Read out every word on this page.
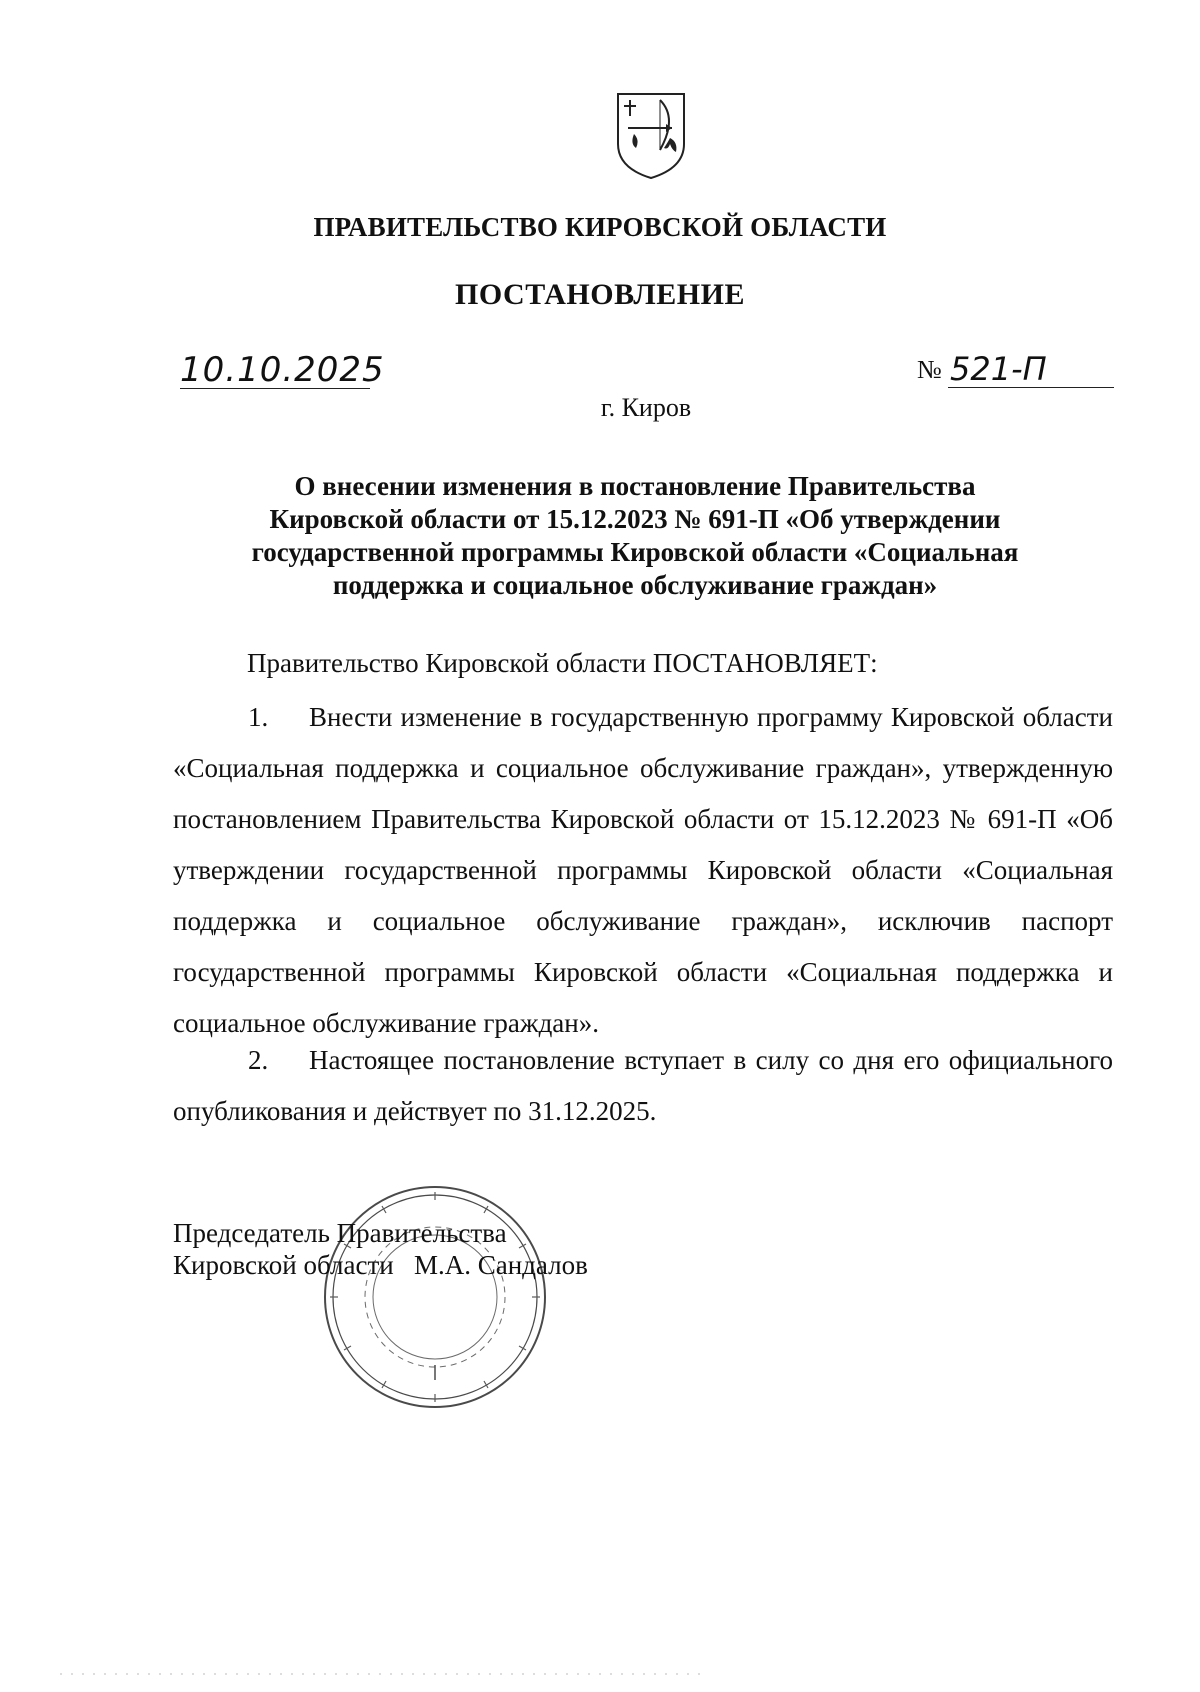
ПРАВИТЕЛЬСТВО КИРОВСКОЙ ОБЛАСТИ
ПОСТАНОВЛЕНИЕ
10.10.2025	№ 521-П
г. Киров
О внесении изменения в постановление Правительства
Кировской области от 15.12.2023 № 691-П «Об утверждении
государственной программы Кировской области «Социальная
поддержка и социальное обслуживание граждан»
Правительство Кировской области ПОСТАНОВЛЯЕТ:
1. Внести изменение в государственную программу Кировской области «Социальная поддержка и социальное обслуживание граждан», утвержденную постановлением Правительства Кировской области от 15.12.2023 № 691-П «Об утверждении государственной программы Кировской области «Социальная поддержка и социальное обслуживание граждан», исключив паспорт государственной программы Кировской области «Социальная поддержка и социальное обслуживание граждан».
2. Настоящее постановление вступает в силу со дня его официального опубликования и действует по 31.12.2025.
Председатель Правительства
Кировской области   М.А. Сандалов
